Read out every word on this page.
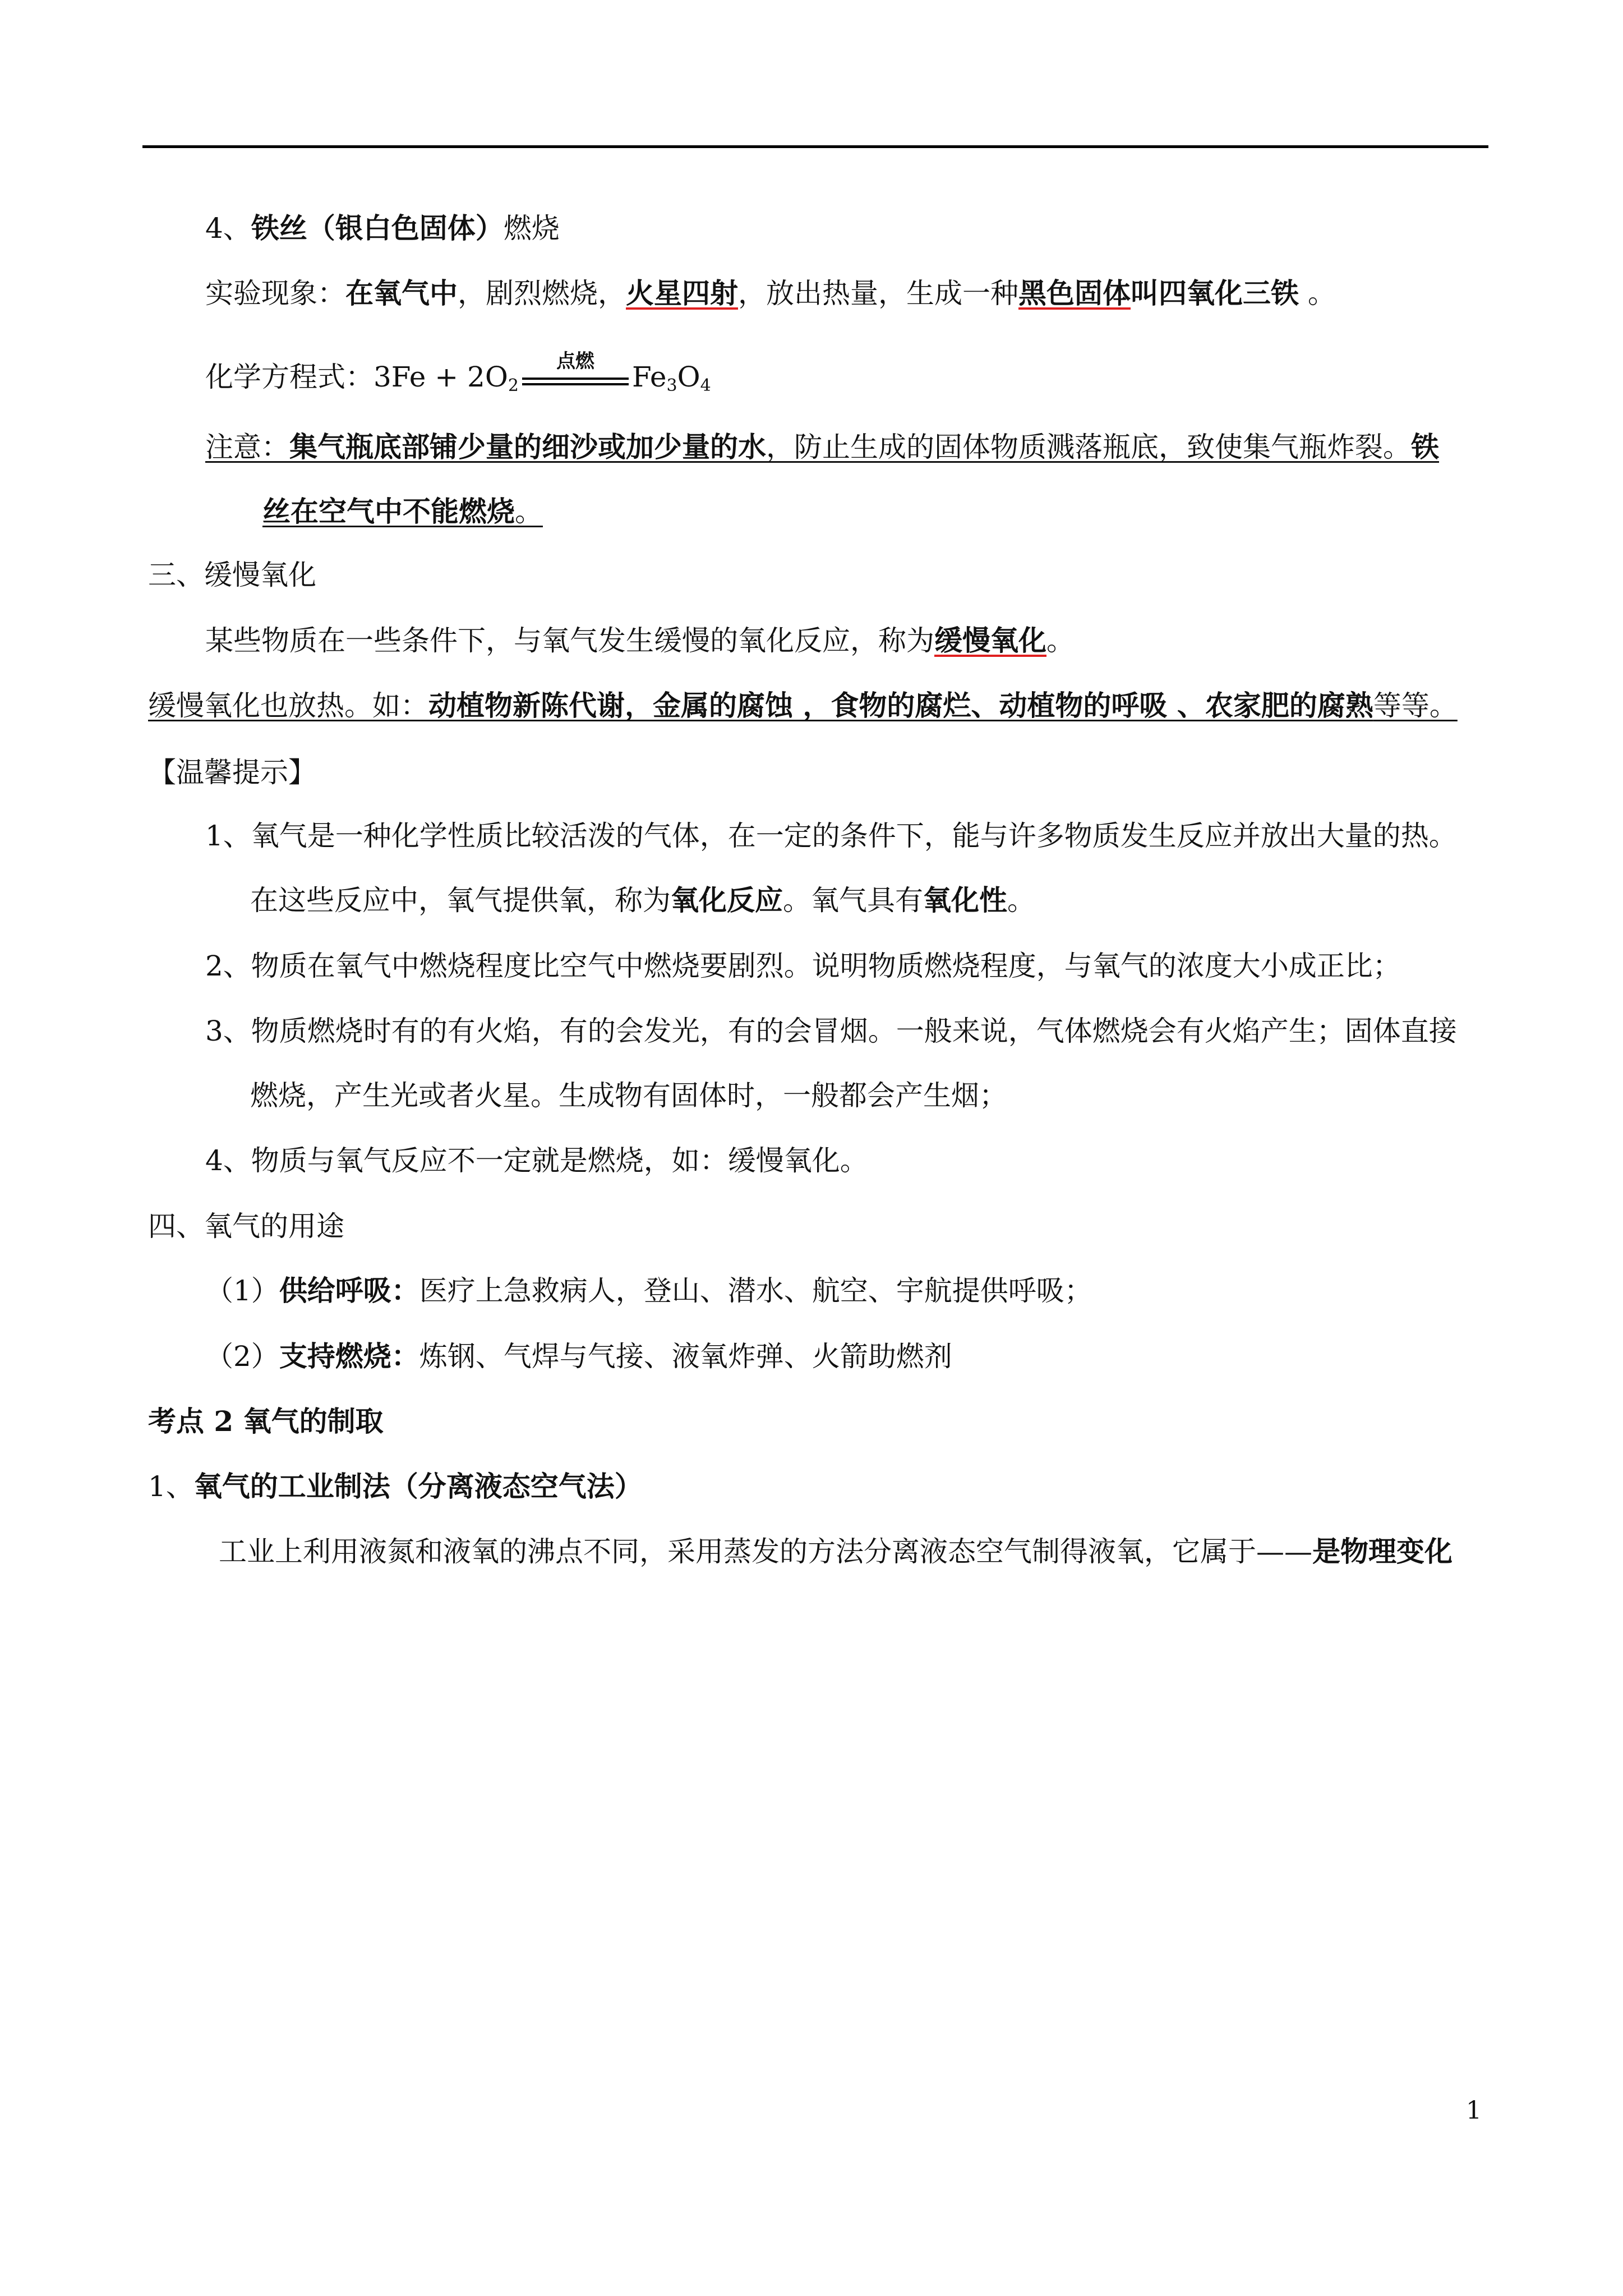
4、铁丝（银白色固体）燃烧
实验现象：在氧气中，剧烈燃烧，火星四射，放出热量，生成一种黑色固体叫四氧化三铁 。
化学方程式：$3Fe + 2O_2$
点燃	$Fe_3O_4$
注意：集气瓶底部铺少量的细沙或加少量的水，防止生成的固体物质溅落瓶底，致使集气瓶炸裂。铁
丝在空气中不能燃烧。
三、缓慢氧化
某些物质在一些条件下，与氧气发生缓慢的氧化反应，称为缓慢氧化。
缓慢氧化也放热。如：动植物新陈代谢，金属的腐蚀 ，食物的腐烂、动植物的呼吸 、农家肥的腐熟等等。
【温馨提示】
1、氧气是一种化学性质比较活泼的气体，在一定的条件下，能与许多物质发生反应并放出大量的热。
在这些反应中，氧气提供氧，称为氧化反应。氧气具有氧化性。
2、物质在氧气中燃烧程度比空气中燃烧要剧烈。说明物质燃烧程度，与氧气的浓度大小成正比；
3、物质燃烧时有的有火焰，有的会发光，有的会冒烟。一般来说，气体燃烧会有火焰产生；固体直接
燃烧，产生光或者火星。生成物有固体时，一般都会产生烟；
4、物质与氧气反应不一定就是燃烧，如：缓慢氧化。
四、氧气的用途
（1）供给呼吸：医疗上急救病人，登山、潜水、航空、宇航提供呼吸；
（2）支持燃烧：炼钢、气焊与气接、液氧炸弹、火箭助燃剂
考点 2 氧气的制取
1、氧气的工业制法（分离液态空气法）
工业上利用液氮和液氧的沸点不同，采用蒸发的方法分离液态空气制得液氧，它属于——是物理变化
1
